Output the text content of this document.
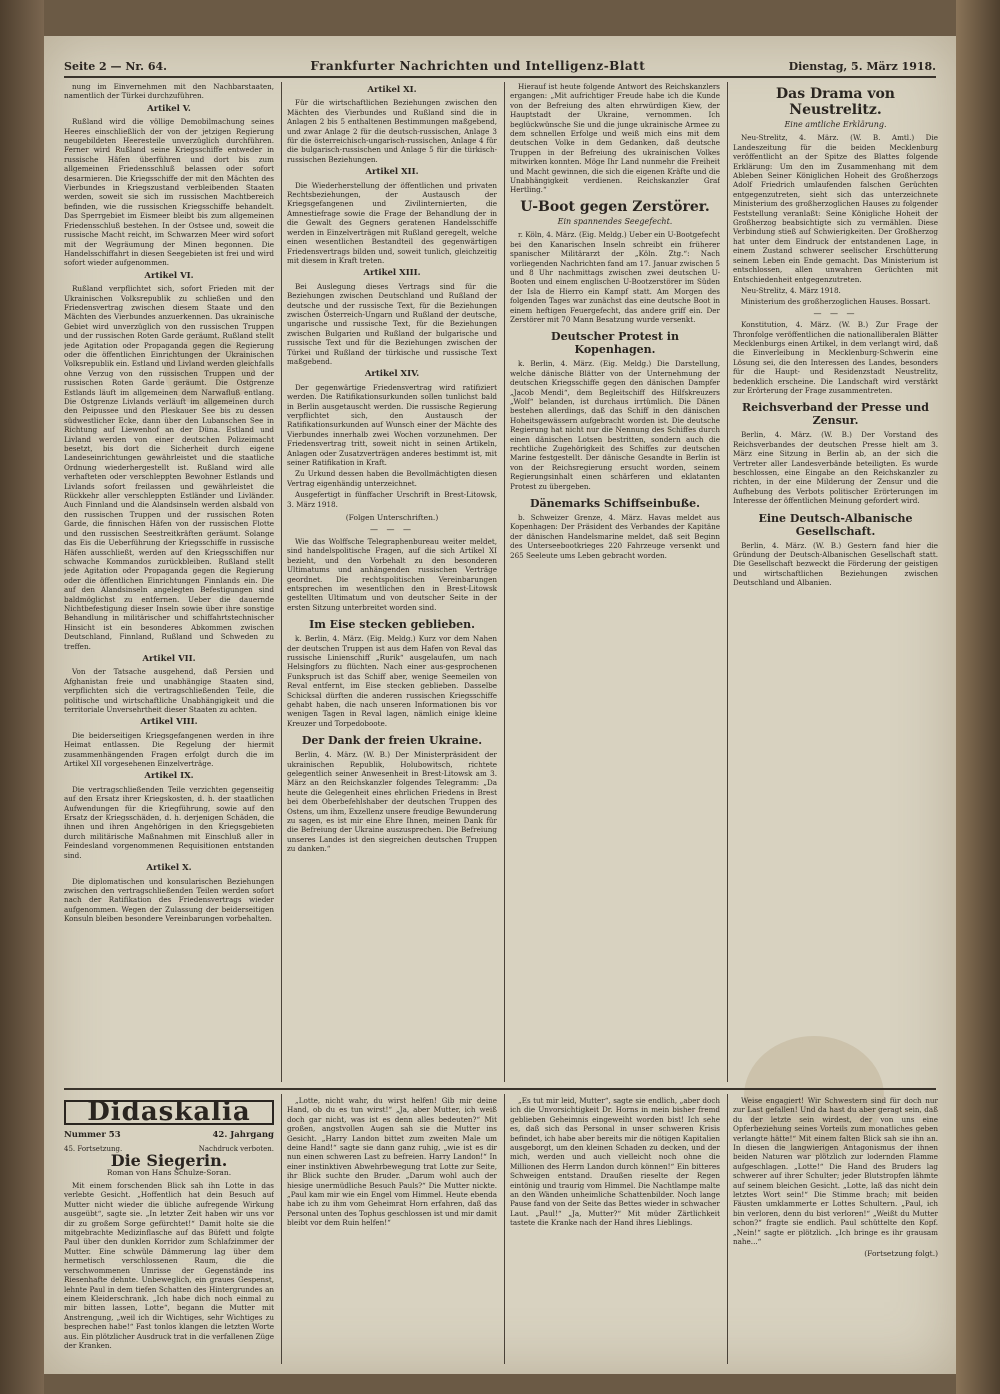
Seite 2 — Nr. 64.	Frankfurter Nachrichten und Intelligenz-Blatt	Dienstag, 5. März 1918.

nung im Einvernehmen mit den Nachbarstaaten, namentlich der Türkei durchzuführen.

Artikel V.

Rußland wird die völlige Demobilmachung seines Heeres einschließlich der von der jetzigen Regierung neugebildeten Heeresteile unverzüglich durchführen. Ferner wird Rußland seine Kriegsschiffe entweder in russische Häfen überführen und dort bis zum allgemeinen Friedensschluß belassen oder sofort desarmieren. Die Kriegsschiffe der mit den Mächten des Vierbundes in Kriegszustand verbleibenden Staaten werden, soweit sie sich im russischen Machtbereich befinden, wie die russischen Kriegsschiffe behandelt. Das Sperrgebiet im Eismeer bleibt bis zum allgemeinen Friedensschluß bestehen. In der Ostsee und, soweit die russische Macht reicht, im Schwarzen Meer wird sofort mit der Wegräumung der Minen begonnen. Die Handelsschiffahrt in diesen Seegebieten ist frei und wird sofort wieder aufgenommen.

Artikel VI.

Rußland verpflichtet sich, sofort Frieden mit der Ukrainischen Volksrepublik zu schließen und den Friedensvertrag zwischen diesem Staate und den Mächten des Vierbundes anzuerkennen. Das ukrainische Gebiet wird unverzüglich von den russischen Truppen und der russischen Roten Garde geräumt. Rußland stellt jede Agitation oder Propaganda gegen die Regierung oder die öffentlichen Einrichtungen der Ukrainischen Volksrepublik ein. Estland und Livland werden gleichfalls ohne Verzug von den russischen Truppen und der russischen Roten Garde geräumt. Die Ostgrenze Estlands läuft im allgemeinen dem Narwafluß entlang. Die Ostgrenze Livlands verläuft im allgemeinen durch den Peipussee und den Pleskauer See bis zu dessen südwestlicher Ecke, dann über den Lubanschen See in Richtung auf Liewenhof an der Düna. Estland und Livland werden von einer deutschen Polizeimacht besetzt, bis dort die Sicherheit durch eigene Landeseinrichtungen gewährleistet und die staatliche Ordnung wiederhergestellt ist. Rußland wird alle verhafteten oder verschleppten Bewohner Estlands und Livlands sofort freilassen und gewährleistet die Rückkehr aller verschleppten Estländer und Livländer. Auch Finnland und die Alandsinseln werden alsbald von den russischen Truppen und der russischen Roten Garde, die finnischen Häfen von der russischen Flotte und den russischen Seestreitkräften geräumt. Solange das Eis die Ueberführung der Kriegsschiffe in russische Häfen ausschließt, werden auf den Kriegsschiffen nur schwache Kommandos zurückbleiben. Rußland stellt jede Agitation oder Propaganda gegen die Regierung oder die öffentlichen Einrichtungen Finnlands ein. Die auf den Alandsinseln angelegten Befestigungen sind baldmöglichst zu entfernen. Ueber die dauernde Nichtbefestigung dieser Inseln sowie über ihre sonstige Behandlung in militärischer und schiffahrtstechnischer Hinsicht ist ein besonderes Abkommen zwischen Deutschland, Finnland, Rußland und Schweden zu treffen.

Artikel VII.

Von der Tatsache ausgehend, daß Persien und Afghanistan freie und unabhängige Staaten sind, verpflichten sich die vertragschließenden Teile, die politische und wirtschaftliche Unabhängigkeit und die territoriale Unversehrtheit dieser Staaten zu achten.

Artikel VIII.

Die beiderseitigen Kriegsgefangenen werden in ihre Heimat entlassen. Die Regelung der hiermit zusammenhängenden Fragen erfolgt durch die im Artikel XII vorgesehenen Einzelverträge.

Artikel IX.

Die vertragschließenden Teile verzichten gegenseitig auf den Ersatz ihrer Kriegskosten, d. h. der staatlichen Aufwendungen für die Kriegführung, sowie auf den Ersatz der Kriegsschäden, d. h. derjenigen Schäden, die ihnen und ihren Angehörigen in den Kriegsgebieten durch militärische Maßnahmen mit Einschluß aller in Feindesland vorgenommenen Requisitionen entstanden sind.

Artikel X.

Die diplomatischen und konsularischen Beziehungen zwischen den vertragschließenden Teilen werden sofort nach der Ratifikation des Friedensvertrags wieder aufgenommen. Wegen der Zulassung der beiderseitigen Konsuln bleiben besondere Vereinbarungen vorbehalten.

Artikel XI.

Für die wirtschaftlichen Beziehungen zwischen den Mächten des Vierbundes und Rußland sind die in Anlagen 2 bis 5 enthaltenen Bestimmungen maßgebend, und zwar Anlage 2 für die deutsch-russischen, Anlage 3 für die österreichisch-ungarisch-russischen, Anlage 4 für die bulgarisch-russischen und Anlage 5 für die türkisch-russischen Beziehungen.

Artikel XII.

Die Wiederherstellung der öffentlichen und privaten Rechtsbeziehungen, der Austausch der Kriegsgefangenen und Zivilinternierten, die Amnestiefrage sowie die Frage der Behandlung der in die Gewalt des Gegners geratenen Handelsschiffe werden in Einzelverträgen mit Rußland geregelt, welche einen wesentlichen Bestandteil des gegenwärtigen Friedensvertrags bilden und, soweit tunlich, gleichzeitig mit diesem in Kraft treten.

Artikel XIII.

Bei Auslegung dieses Vertrags sind für die Beziehungen zwischen Deutschland und Rußland der deutsche und der russische Text, für die Beziehungen zwischen Österreich-Ungarn und Rußland der deutsche, ungarische und russische Text, für die Beziehungen zwischen Bulgarien und Rußland der bulgarische und russische Text und für die Beziehungen zwischen der Türkei und Rußland der türkische und russische Text maßgebend.

Artikel XIV.

Der gegenwärtige Friedensvertrag wird ratifiziert werden. Die Ratifikationsurkunden sollen tunlichst bald in Berlin ausgetauscht werden. Die russische Regierung verpflichtet sich, den Austausch der Ratifikationsurkunden auf Wunsch einer der Mächte des Vierbundes innerhalb zwei Wochen vorzunehmen. Der Friedensvertrag tritt, soweit nicht in seinen Artikeln, Anlagen oder Zusatzverträgen anderes bestimmt ist, mit seiner Ratifikation in Kraft.

Zu Urkund dessen haben die Bevollmächtigten diesen Vertrag eigenhändig unterzeichnet.

Ausgefertigt in fünffacher Urschrift in Brest-Litowsk, 3. März 1918.

(Folgen Unterschriften.)
— — —

Wie das Wolffsche Telegraphenbureau weiter meldet, sind handelspolitische Fragen, auf die sich Artikel XI bezieht, und den Vorbehalt zu den besonderen Ultimatums und anhängenden russischen Verträge geordnet. Die rechtspolitischen Vereinbarungen entsprechen im wesentlichen den in Brest-Litowsk gestellten Ultimatum und von deutscher Seite in der ersten Sitzung unterbreitet worden sind.

Im Eise stecken geblieben.

k. Berlin, 4. März. (Eig. Meldg.) Kurz vor dem Nahen der deutschen Truppen ist aus dem Hafen von Reval das russische Linienschiff „Rurik“ ausgelaufen, um nach Helsingfors zu flüchten. Nach einer aus-gesprochenen Funkspruch ist das Schiff aber, wenige Seemeilen von Reval entfernt, im Eise stecken geblieben. Dasselbe Schicksal dürften die anderen russischen Kriegsschiffe gehabt haben, die nach unseren Informationen bis vor wenigen Tagen in Reval lagen, nämlich einige kleine Kreuzer und Torpedoboote.

Der Dank der freien Ukraine.

Berlin, 4. März. (W. B.) Der Ministerpräsident der ukrainischen Republik, Holubowitsch, richtete gelegentlich seiner Anwesenheit in Brest-Litowsk am 3. März an den Reichskanzler folgendes Telegramm: „Da heute die Gelegenheit eines ehrlichen Friedens in Brest bei dem Oberbefehlshaber der deutschen Truppen des Ostens, um ihm, Exzellenz unsere freudige Bewunderung zu sagen, es ist mir eine Ehre Ihnen, meinen Dank für die Befreiung der Ukraine auszusprechen. Die Befreiung unseres Landes ist den siegreichen deutschen Truppen zu danken.“

Hierauf ist heute folgende Antwort des Reichskanzlers ergangen: „Mit aufrichtiger Freude habe ich die Kunde von der Befreiung des alten ehrwürdigen Kiew, der Hauptstadt der Ukraine, vernommen. Ich beglückwünsche Sie und die junge ukrainische Armee zu dem schnellen Erfolge und weiß mich eins mit dem deutschen Volke in dem Gedanken, daß deutsche Truppen in der Befreiung des ukrainischen Volkes mitwirken konnten. Möge Ihr Land nunmehr die Freiheit und Macht gewinnen, die sich die eigenen Kräfte und die Unabhängigkeit verdienen. Reichskanzler Graf Hertling.“

U-Boot gegen Zerstörer.
Ein spannendes Seegefecht.

r. Köln, 4. März. (Eig. Meldg.) Ueber ein U-Bootgefecht bei den Kanarischen Inseln schreibt ein früherer spanischer Militärarzt der „Köln. Ztg.“: Nach vorliegenden Nachrichten fand am 17. Januar zwischen 5 und 8 Uhr nachmittags zwischen zwei deutschen U-Booten und einem englischen U-Bootzerstörer im Süden der Isla de Hierro ein Kampf statt. Am Morgen des folgenden Tages war zunächst das eine deutsche Boot in einem heftigen Feuergefecht, das andere griff ein. Der Zerstörer mit 70 Mann Besatzung wurde versenkt.

Deutscher Protest in Kopenhagen.

k. Berlin, 4. März. (Eig. Meldg.) Die Darstellung, welche dänische Blätter von der Unternehmung der deutschen Kriegsschiffe gegen den dänischen Dampfer „Jacob Mendi“, dem Begleitschiff des Hilfskreuzers „Wolf“ belanden, ist durchaus irrtümlich. Die Dänen bestehen allerdings, daß das Schiff in den dänischen Hoheitsgewässern aufgebracht worden ist. Die deutsche Regierung hat nicht nur die Nennung des Schiffes durch einen dänischen Lotsen bestritten, sondern auch die rechtliche Zugehörigkeit des Schiffes zur deutschen Marine festgestellt. Der dänische Gesandte in Berlin ist von der Reichsregierung ersucht worden, seinem Regierungsinhalt einen schärferen und eklatanten Protest zu übergeben.

Dänemarks Schiffseinbuße.

b. Schweizer Grenze, 4. März. Havas meldet aus Kopenhagen: Der Präsident des Verbandes der Kapitäne der dänischen Handelsmarine meldet, daß seit Beginn des Unterseebootkrieges 220 Fahrzeuge versenkt und 265 Seeleute ums Leben gebracht worden.

Das Drama von Neustrelitz.
Eine amtliche Erklärung.

Neu-Strelitz, 4. März. (W. B. Amtl.) Die Landeszeitung für die beiden Mecklenburg veröffentlicht an der Spitze des Blattes folgende Erklärung: Um den im Zusammenhang mit dem Ableben Seiner Königlichen Hoheit des Großherzogs Adolf Friedrich umlaufenden falschen Gerüchten entgegenzutreten, sieht sich das unterzeichnete Ministerium des großherzoglichen Hauses zu folgender Feststellung veranlaßt: Seine Königliche Hoheit der Großherzog beabsichtigte sich zu vermählen. Diese Verbindung stieß auf Schwierigkeiten. Der Großherzog hat unter dem Eindruck der entstandenen Lage, in einem Zustand schwerer seelischer Erschütterung seinem Leben ein Ende gemacht. Das Ministerium ist entschlossen, allen unwahren Gerüchten mit Entschiedenheit entgegenzutreten.

Neu-Strelitz, 4. März 1918.

Ministerium des großherzoglichen Hauses. Bossart.

— — —

Konstitution, 4. März. (W. B.) Zur Frage der Thronfolge veröffentlichen die nationalliberalen Blätter Mecklenburgs einen Artikel, in dem verlangt wird, daß die Einverleibung in Mecklenburg-Schwerin eine Lösung sei, die den Interessen des Landes, besonders für die Haupt- und Residenzstadt Neustrelitz, bedenklich erscheine. Die Landschaft wird verstärkt zur Erörterung der Frage zusammentreten.

Reichsverband der Presse und Zensur.

Berlin, 4. März. (W. B.) Der Vorstand des Reichsverbandes der deutschen Presse hielt am 3. März eine Sitzung in Berlin ab, an der sich die Vertreter aller Landesverbände beteiligten. Es wurde beschlossen, eine Eingabe an den Reichskanzler zu richten, in der eine Milderung der Zensur und die Aufhebung des Verbots politischer Erörterungen im Interesse der öffentlichen Meinung gefordert wird.

Eine Deutsch-Albanische Gesellschaft.

Berlin, 4. März. (W. B.) Gestern fand hier die Gründung der Deutsch-Albanischen Gesellschaft statt. Die Gesellschaft bezweckt die Förderung der geistigen und wirtschaftlichen Beziehungen zwischen Deutschland und Albanien.

Didaskalia
Nummer 53	42. Jahrgang
45. Fortsetzung.	Nachdruck verboten.
Die Siegerin.
Roman von Hans Schulze-Soran.

Mit einem forschenden Blick sah ihn Lotte in das verlebte Gesicht. „Hoffentlich hat dein Besuch auf Mutter nicht wieder die übliche aufregende Wirkung ausgeübt“, sagte sie. „In letzter Zeit haben wir uns vor dir zu großem Sorge gefürchtet!“ Damit holte sie die mitgebrachte Medizinflasche auf das Büfett und folgte Paul über den dunklen Korridor zum Schlafzimmer der Mutter. Eine schwüle Dämmerung lag über dem hermetisch verschlossenen Raum, die die verschwommenen Umrisse der Gegenstände ins Riesenhafte dehnte. Unbeweglich, ein graues Gespenst, lehnte Paul in dem tiefen Schatten des Hintergrundes an einem Kleiderschrank. „Ich habe dich noch einmal zu mir bitten lassen, Lotte“, begann die Mutter mit Anstrengung, „weil ich dir Wichtiges, sehr Wichtiges zu besprechen habe!“ Fast tonlos klangen die letzten Worte aus. Ein plötzlicher Ausdruck trat in die verfallenen Züge der Kranken.

„Lotte, nicht wahr, du wirst helfen! Gib mir deine Hand, ob du es tun wirst!“ „Ja, aber Mutter, ich weiß doch gar nicht, was ist es denn alles bedeuten?“ Mit großen, angstvollen Augen sah sie die Mutter ins Gesicht. „Harry Landon bittet zum zweiten Male um deine Hand!“ sagte sie dann ganz ruhig, „wie ist es dir nun einen schweren Last zu befreien. Harry Landon!“ In einer instinktiven Abwehrbewegung trat Lotte zur Seite, ihr Blick suchte den Bruder. „Darum wohl auch der hiesige unermüdliche Besuch Pauls?“ Die Mutter nickte. „Paul kam mir wie ein Engel vom Himmel. Heute ebenda habe ich zu ihm vom Geheimrat Horn erfahren, daß das Personal unten des Tophus geschlossen ist und mir damit bleibt vor dem Ruin helfen!“

„Es tut mir leid, Mutter“, sagte sie endlich, „aber doch ich die Unvorsichtigkeit Dr. Horns in mein bisher fremd geblieben Geheimnis eingeweiht worden bist! Ich sehe es, daß sich das Personal in unser schweren Krisis befindet, ich habe aber bereits mir die nötigen Kapitalien ausgeborgt, um den kleinen Schaden zu decken, und der mich, werden und auch vielleicht noch ohne die Millionen des Herrn Landon durch können!“ Ein bitteres Schweigen entstand. Draußen rieselte der Regen eintönig und traurig vom Himmel. Die Nachtlampe malte an den Wänden unheimliche Schattenbilder. Noch lange Pause fand von der Seite das Bettes wieder in schwacher Laut. „Paul!“ „Ja, Mutter?“ Mit müder Zärtlichkeit tastete die Kranke nach der Hand ihres Lieblings.

Weise engagiert! Wir Schwestern sind für doch nur zur Last gefallen! Und da hast du aber geragt sein, daß du der letzte sein wirdest, der von uns eine Opferbeziehung seines Vorteils zum monatliches geben verlangte hätte!“ Mit einem falten Blick sah sie ihn an. In diesen die langwierigen Antagonismus der ihnen beiden Naturen war plötzlich zur lodernden Flamme aufgeschlagen. „Lotte!“ Die Hand des Bruders lag schwerer auf ihrer Schulter; jeder Blutstropfen lähmte auf seinem bleichen Gesicht. „Lotte, laß das nicht dein letztes Wort sein!“ Die Stimme brach; mit beiden Fäusten umklammerte er Lottes Schultern. „Paul, ich bin verloren, denn du bist verloren!“ „Weißt du Mutter schon?“ fragte sie endlich. Paul schüttelte den Kopf. „Nein!“ sagte er plötzlich. „Ich bringe es ihr grausam nahe...“

(Fortsetzung folgt.)
